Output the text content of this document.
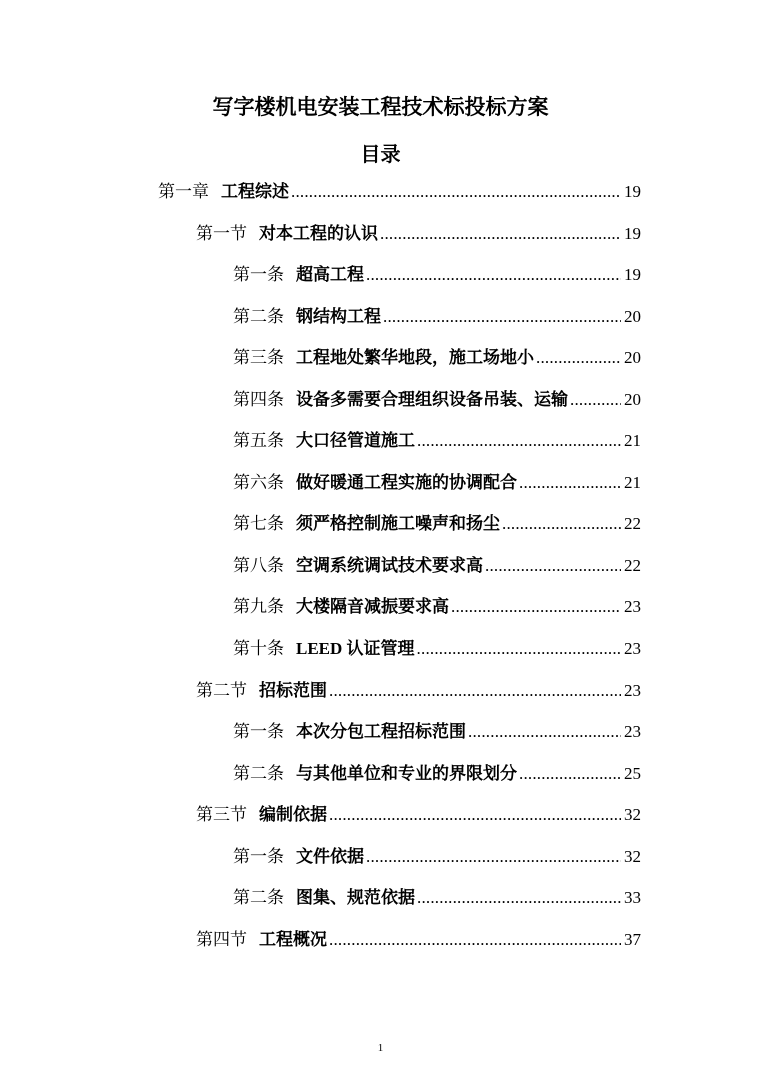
写字楼机电安装工程技术标投标方案
目录
第一章 工程综述 .....	19
第一节 对本工程的认识 .....	19
第一条 超高工程 .....	19
第二条 钢结构工程 .....	20
第三条 工程地处繁华地段，施工场地小 .....	20
第四条 设备多需要合理组织设备吊装、运输 .....	20
第五条 大口径管道施工 .....	21
第六条 做好暖通工程实施的协调配合 .....	21
第七条 须严格控制施工噪声和扬尘 .....	22
第八条 空调系统调试技术要求高 .....	22
第九条 大楼隔音减振要求高 .....	23
第十条 LEED 认证管理 .....	23
第二节 招标范围 .....	23
第一条 本次分包工程招标范围 .....	23
第二条 与其他单位和专业的界限划分 .....	25
第三节 编制依据 .....	32
第一条 文件依据 .....	32
第二条 图集、规范依据 .....	33
第四节 工程概况 .....	37
1
